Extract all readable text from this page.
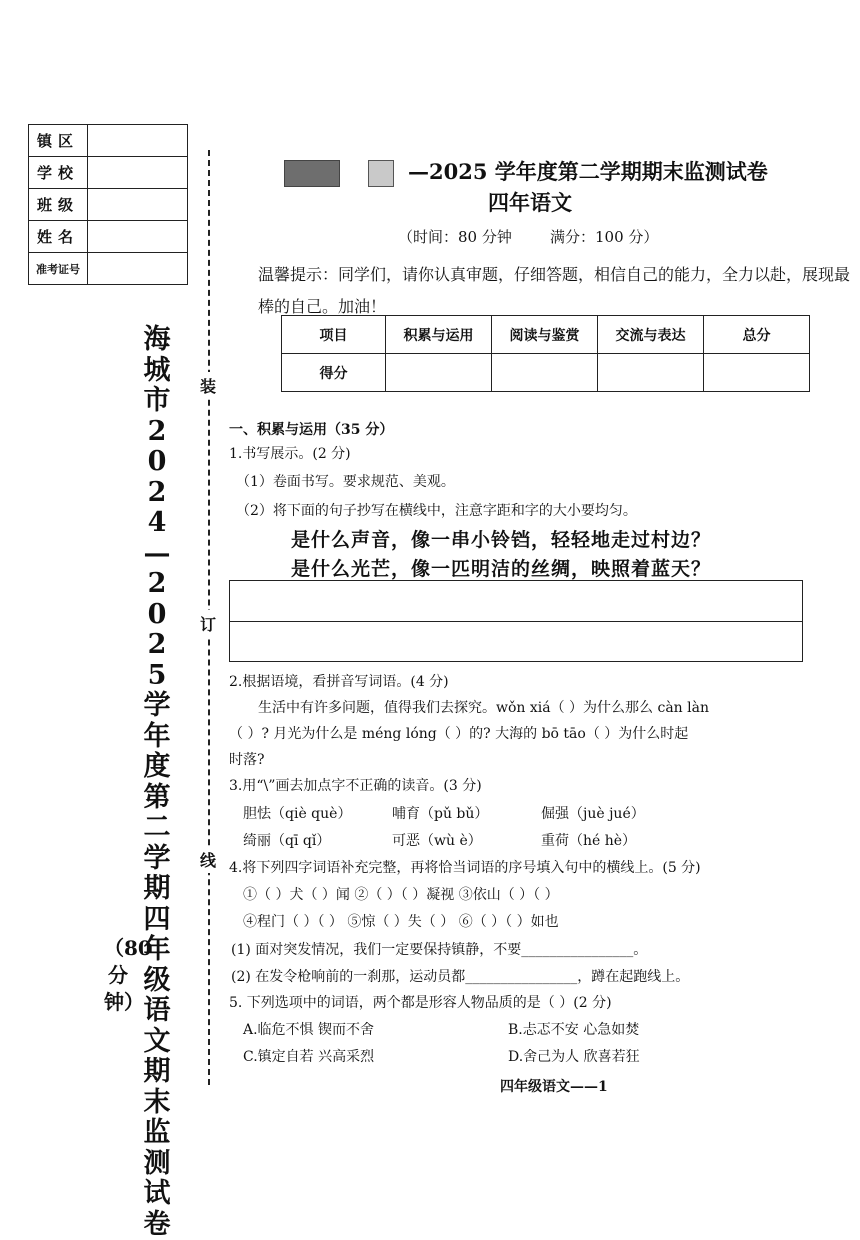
镇区	
学校	
班级	
姓名	
准考证号	
海城市2024—2025学年度第二学期四年级语文期末监测试卷
（80分钟）
装
订
线
—2025 学年度第二学期期末监测试卷
四年语文
（时间：80 分钟        满分：100 分）
温馨提示：同学们，请你认真审题，仔细答题，相信自己的能力，全力以赴，展现最棒的自己。加油！
项目	积累与运用	阅读与鉴赏	交流与表达	总分
得分				
一、积累与运用（35 分）
1.书写展示。(2 分)
（1）卷面书写。要求规范、美观。
（2）将下面的句子抄写在横线中，注意字距和字的大小要均匀。
是什么声音，像一串小铃铛，轻轻地走过村边？
是什么光芒，像一匹明洁的丝绸，映照着蓝天？
2.根据语境，看拼音写词语。(4 分)
生活中有许多问题，值得我们去探究。wǒn xiá（ ）为什么那么 càn làn
（ ）? 月光为什么是 méng lóng（ ）的? 大海的 bō tāo（ ）为什么时起
时落?
3.用“\”画去加点字不正确的读音。(3 分)
胆怯（qiè què）	哺育（pǔ bǔ）	倔强（juè jué）
绮丽（qī qǐ）	可恶（wù è）	重荷（hé hè）
4.将下列四字词语补充完整，再将恰当词语的序号填入句中的横线上。(5 分)
①（ ）犬（ ）闻 ②（ ）（ ）凝视 ③依山（ ）（ ）
④程门（ ）（ ） ⑤惊（ ）失（ ） ⑥（ ）（ ）如也
(1) 面对突发情况，我们一定要保持镇静，不要________________。
(2) 在发令枪响前的一刹那，运动员都________________，蹲在起跑线上。
5. 下列选项中的词语，两个都是形容人物品质的是（ ）(2 分)
A.临危不惧 锲而不舍	B.忐忑不安 心急如焚
C.镇定自若 兴高采烈	D.舍己为人 欣喜若狂
四年级语文——1
